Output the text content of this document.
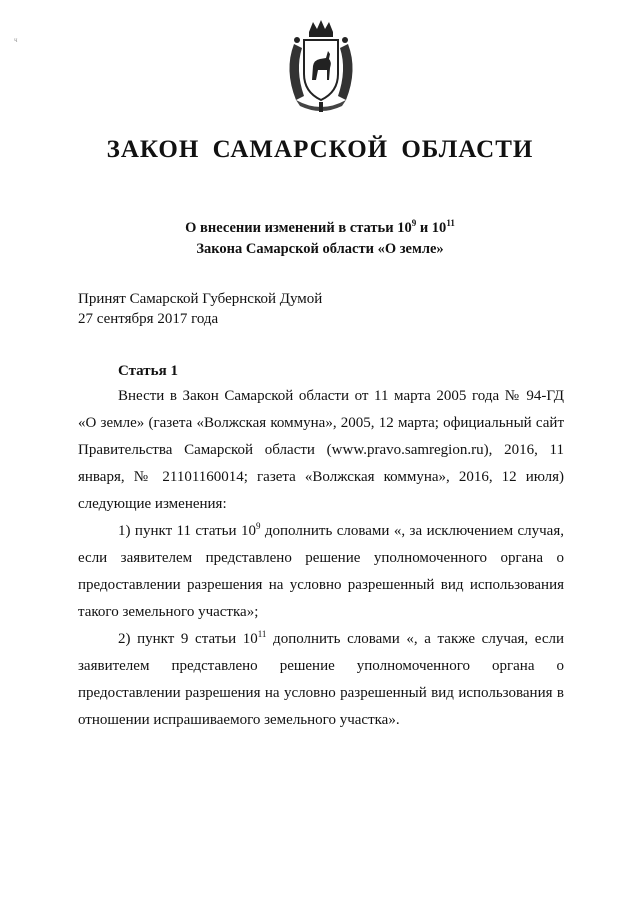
ч
ЗАКОН САМАРСКОЙ ОБЛАСТИ
О внесении изменений в статьи $10^9$ и $10^{11}$
Закона Самарской области «О земле»
Принят Самарской Губернской Думой
27 сентября 2017 года
Статья 1

Внести в Закон Самарской области от 11 марта 2005 года № 94-ГД «О земле» (газета «Волжская коммуна», 2005, 12 марта; официальный сайт Правительства Самарской области (www.pravo.samregion.ru), 2016, 11 января, № 21101160014; газета «Волжская коммуна», 2016, 12 июля) следующие изменения:

1) пункт 11 статьи $10^9$ дополнить словами «, за исключением случая, если заявителем представлено решение уполномоченного органа о предоставлении разрешения на условно разрешенный вид использования такого земельного участка»;

2) пункт 9 статьи $10^{11}$ дополнить словами «, а также случая, если заявителем представлено решение уполномоченного органа о предоставлении разрешения на условно разрешенный вид использования в отношении испрашиваемого земельного участка».
